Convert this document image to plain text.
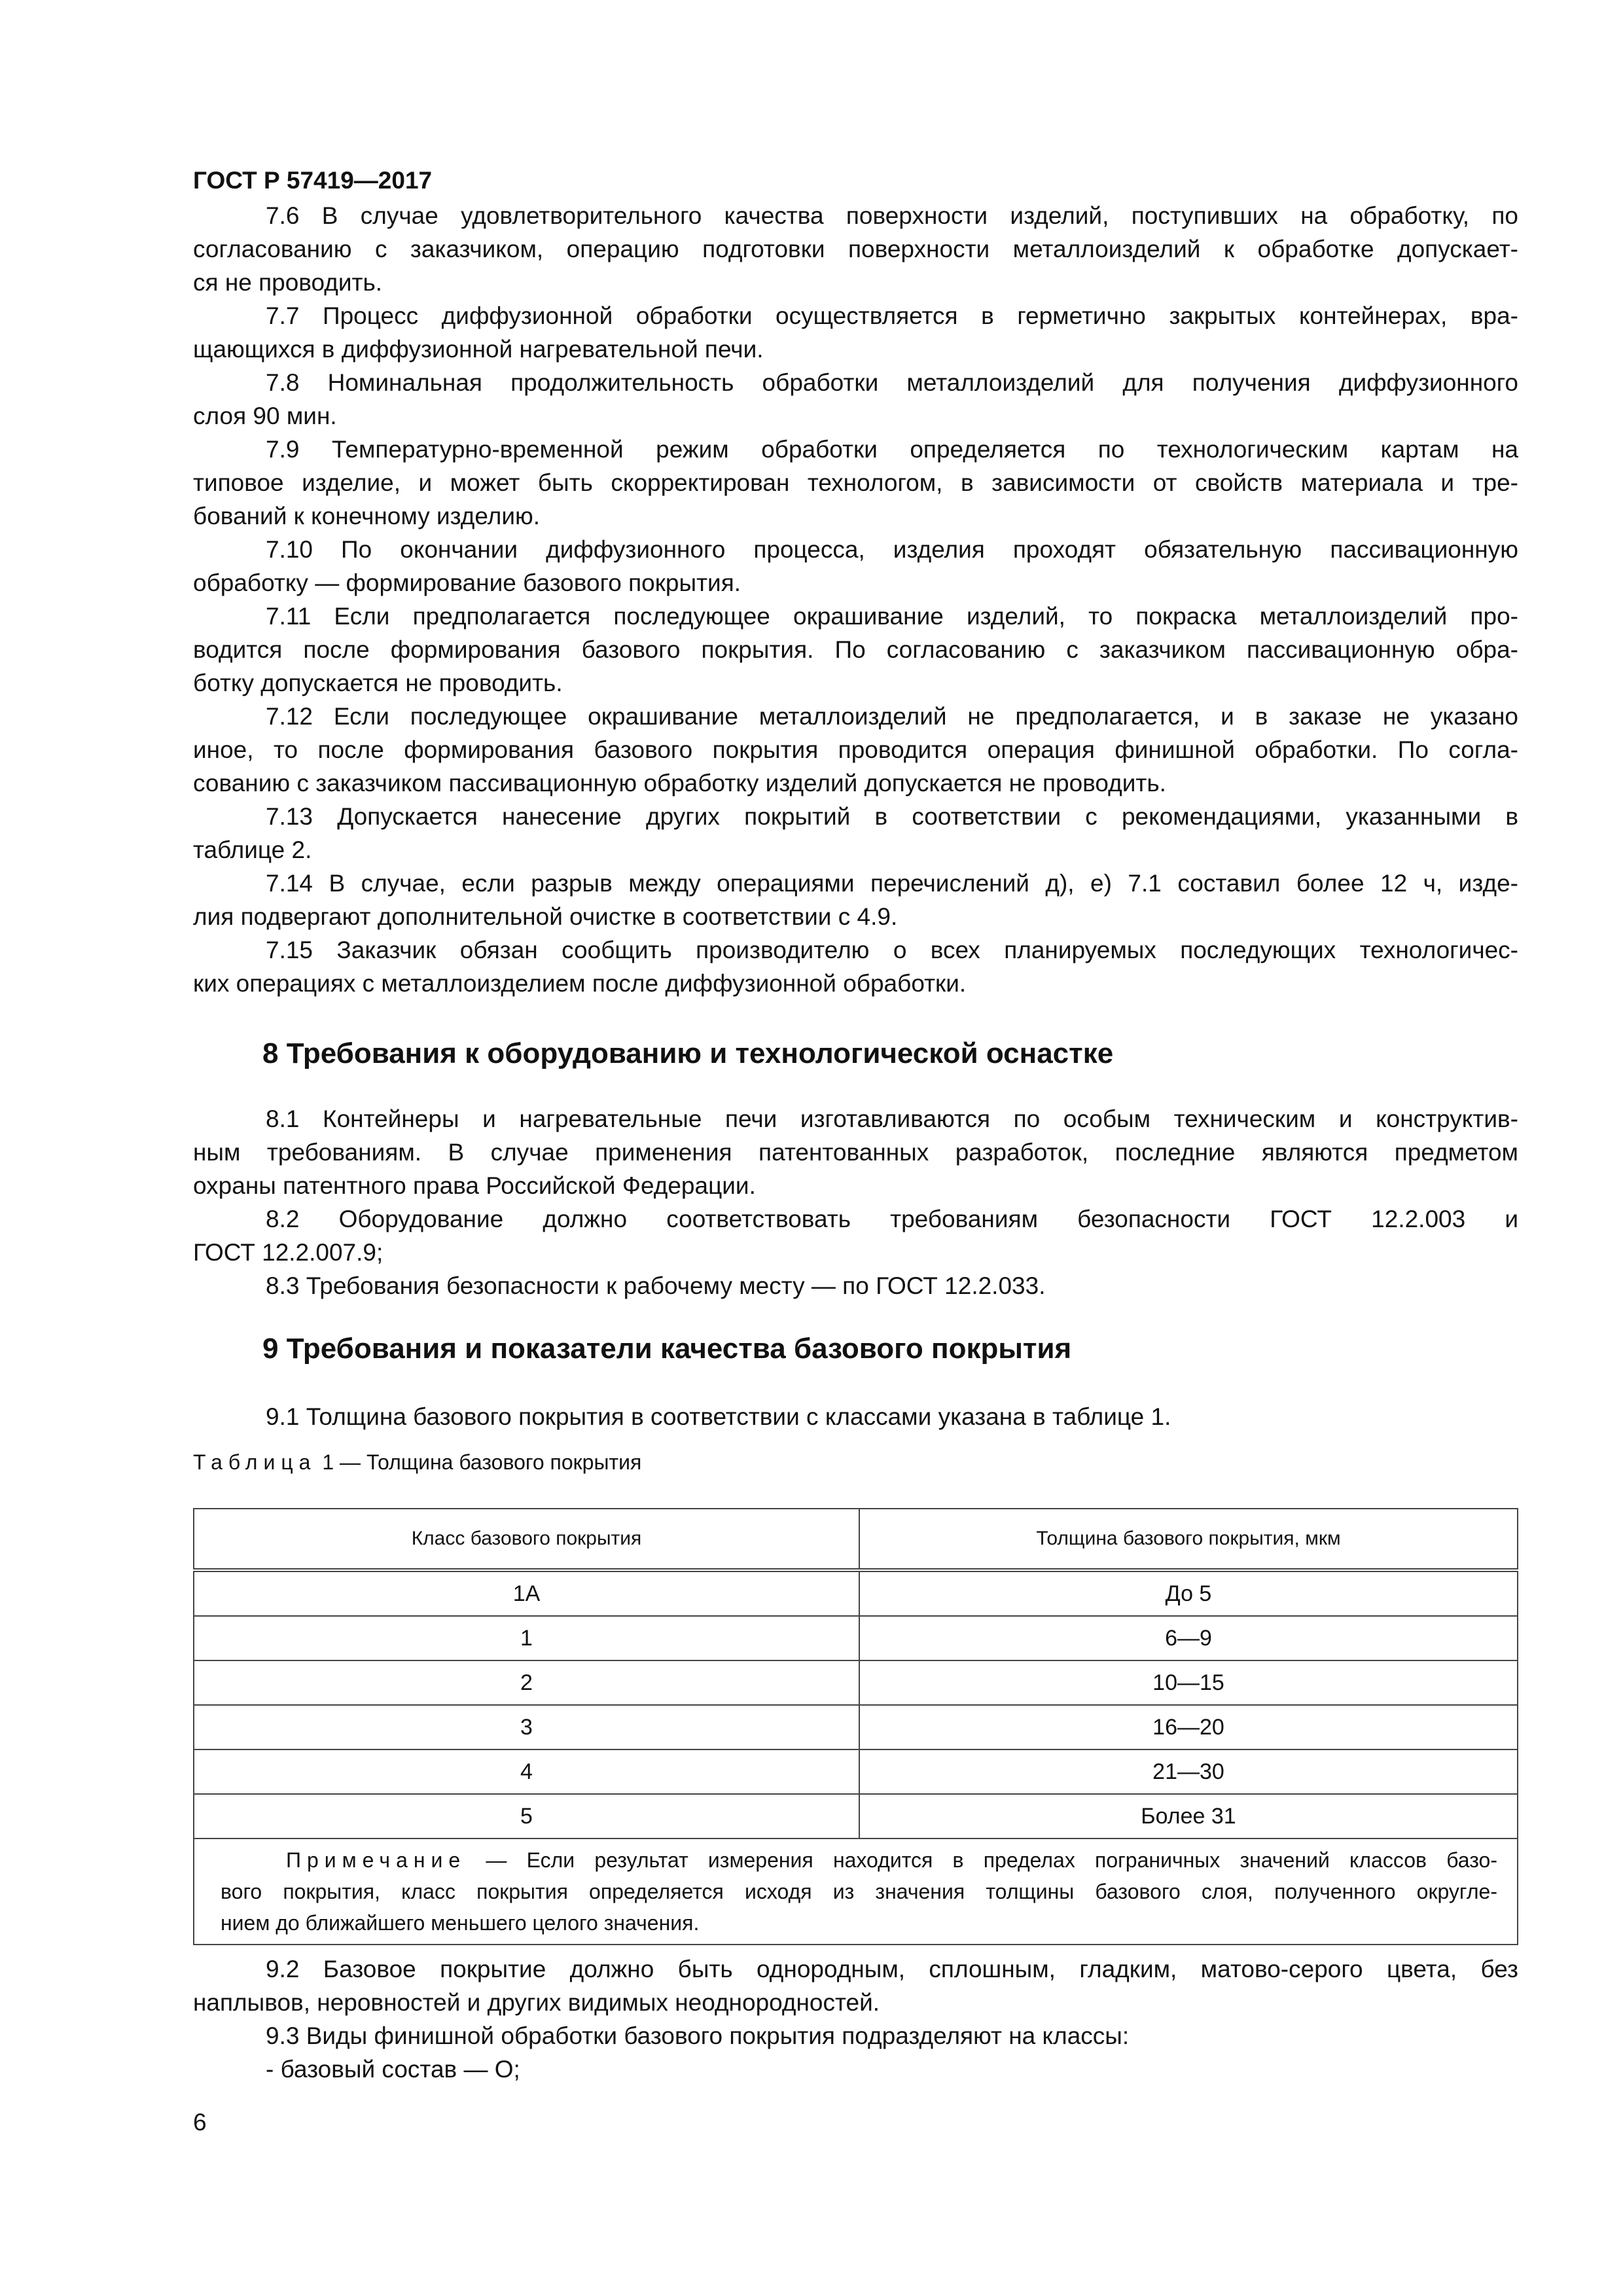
ГОСТ Р 57419—2017
7.6 В случае удовлетворительного качества поверхности изделий, поступивших на обработку, по
согласованию с заказчиком, операцию подготовки поверхности металлоизделий к обработке допускает-
ся не проводить.
7.7 Процесс диффузионной обработки осуществляется в герметично закрытых контейнерах, вра-
щающихся в диффузионной нагревательной печи.
7.8 Номинальная продолжительность обработки металлоизделий для получения диффузионного
слоя 90 мин.
7.9 Температурно-временной режим обработки определяется по технологическим картам на
типовое изделие, и может быть скорректирован технологом, в зависимости от свойств материала и тре-
бований к конечному изделию.
7.10 По окончании диффузионного процесса, изделия проходят обязательную пассивационную
обработку — формирование базового покрытия.
7.11 Если предполагается последующее окрашивание изделий, то покраска металлоизделий про-
водится после формирования базового покрытия. По согласованию с заказчиком пассивационную обра-
ботку допускается не проводить.
7.12 Если последующее окрашивание металлоизделий не предполагается, и в заказе не указано
иное, то после формирования базового покрытия проводится операция финишной обработки. По согла-
сованию с заказчиком пассивационную обработку изделий допускается не проводить.
7.13 Допускается нанесение других покрытий в соответствии с рекомендациями, указанными в
таблице 2.
7.14 В случае, если разрыв между операциями перечислений д), е) 7.1 составил более 12 ч, изде-
лия подвергают дополнительной очистке в соответствии с 4.9.
7.15 Заказчик обязан сообщить производителю о всех планируемых последующих технологичес-
ких операциях с металлоизделием после диффузионной обработки.
8 Требования к оборудованию и технологической оснастке
8.1 Контейнеры и нагревательные печи изготавливаются по особым техническим и конструктив-
ным требованиям. В случае применения патентованных разработок, последние являются предметом
охраны патентного права Российской Федерации.
8.2 Оборудование должно соответствовать требованиям безопасности ГОСТ 12.2.003 и
ГОСТ 12.2.007.9;
8.3 Требования безопасности к рабочему месту — по ГОСТ 12.2.033.
9 Требования и показатели качества базового покрытия
9.1 Толщина базового покрытия в соответствии с классами указана в таблице 1.
Таблица 1 — Толщина базового покрытия
Класс базового покрытия	Толщина базового покрытия, мкм
1А	До 5
1	6—9
2	10—15
3	16—20
4	21—30
5	Более 31

Примечание — Если результат измерения находится в пределах пограничных значений классов базо-
вого покрытия, класс покрытия определяется исходя из значения толщины базового слоя, полученного округле-
нием до ближайшего меньшего целого значения.	
9.2 Базовое покрытие должно быть однородным, сплошным, гладким, матово-серого цвета, без
наплывов, неровностей и других видимых неоднородностей.
9.3 Виды финишной обработки базового покрытия подразделяют на классы:
- базовый состав — О;
6
